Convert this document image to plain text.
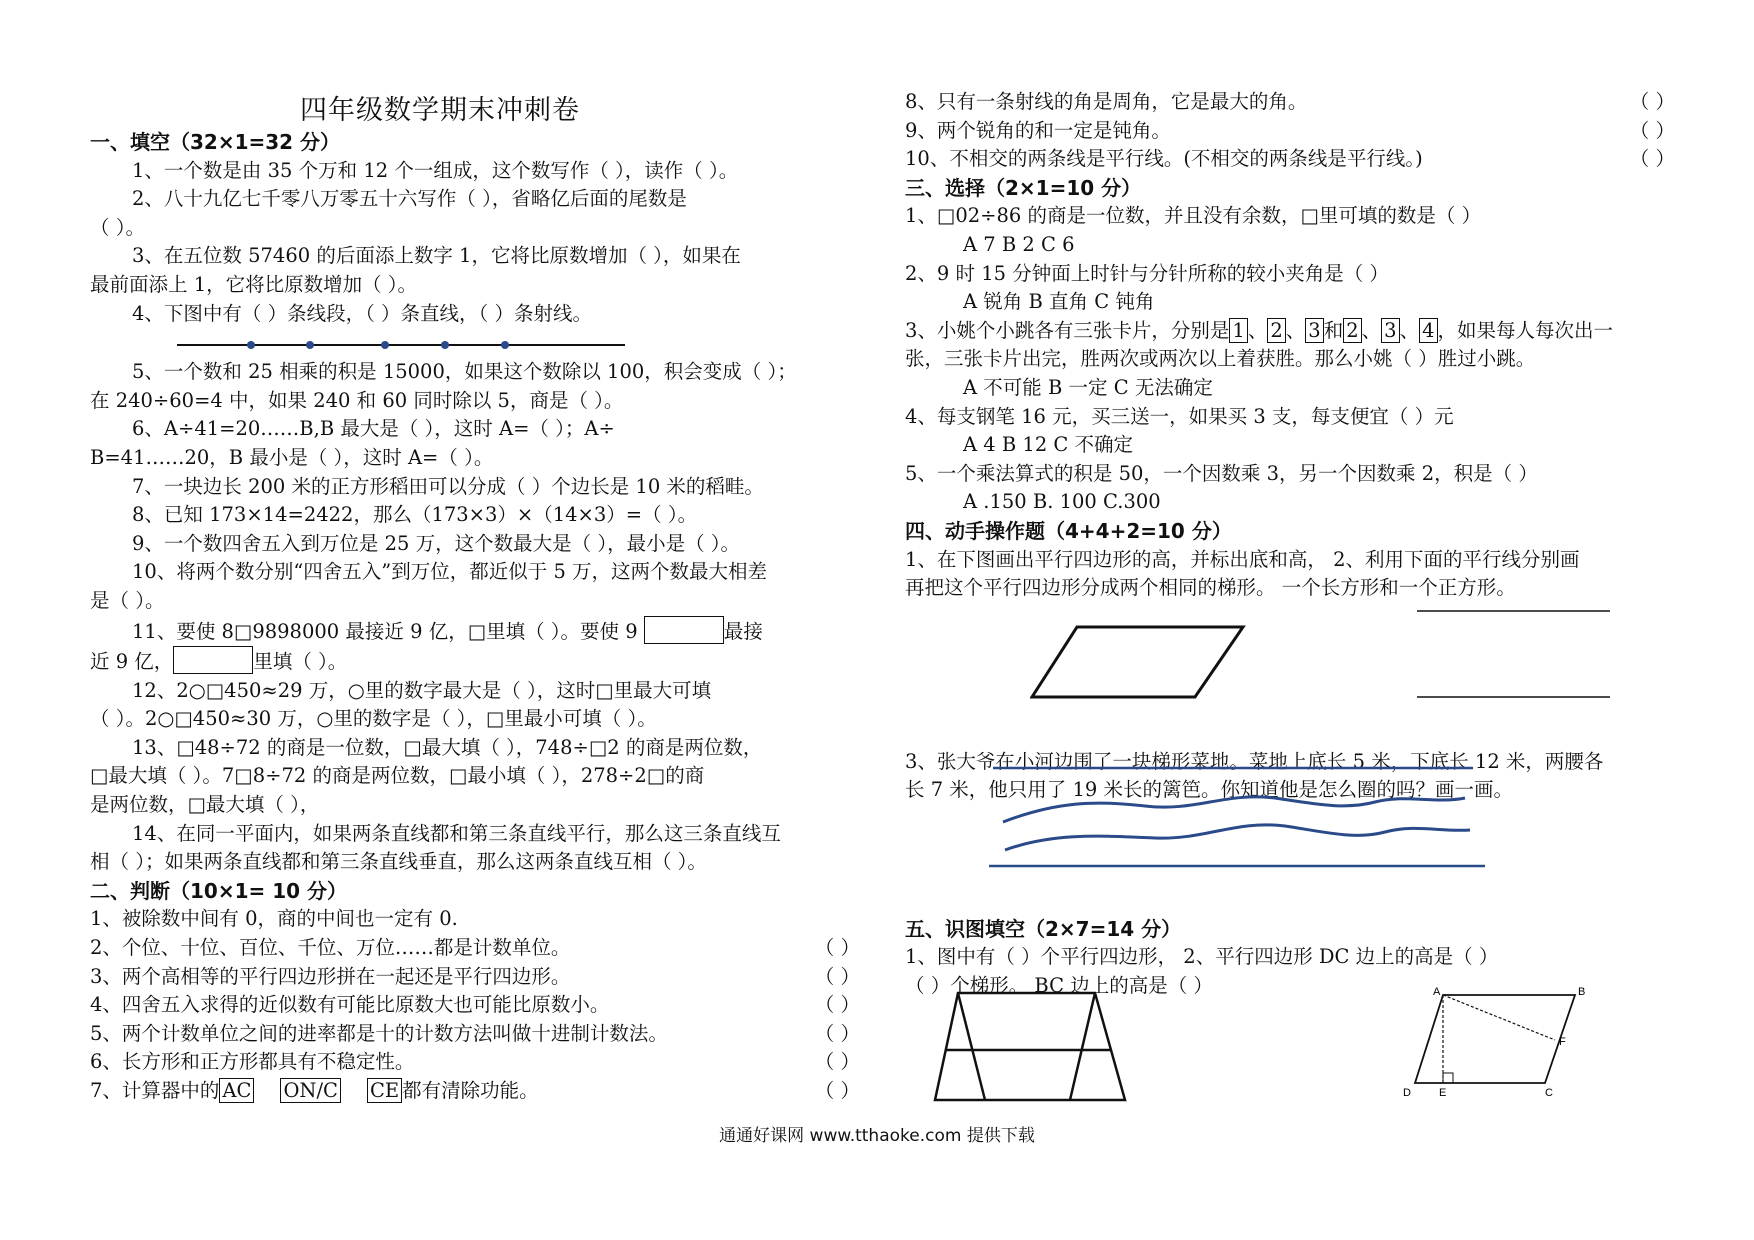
四年级数学期末冲刺卷
一、填空（32×1=32 分）
1、一个数是由 35 个万和 12 个一组成，这个数写作（ ），读作（ ）。
2、八十九亿七千零八万零五十六写作（ ），省略亿后面的尾数是
（ ）。
3、在五位数 57460 的后面添上数字 1，它将比原数增加（ ），如果在
最前面添上 1，它将比原数增加（ ）。
4、下图中有（ ）条线段，（ ）条直线，（ ）条射线。
5、一个数和 25 相乘的积是 15000，如果这个数除以 100，积会变成（ ）；
在 240÷60=4 中，如果 240 和 60 同时除以 5，商是（ ）。
6、A÷41=20……B,B 最大是（ ），这时 A=（ ）；A÷
B=41……20，B 最小是（ ），这时 A=（ ）。
7、一块边长 200 米的正方形稻田可以分成（ ）个边长是 10 米的稻畦。
8、已知 173×14=2422，那么（173×3）×（14×3）=（ ）。
9、一个数四舍五入到万位是 25 万，这个数最大是（ ），最小是（ ）。
10、将两个数分别“四舍五入”到万位，都近似于 5 万，这两个数最大相差
是（ ）。
11、要使 8□9898000 最接近 9 亿，□里填（ ）。要使 9	最接
近 9 亿，	里填（ ）。
12、2○□450≈29 万，○里的数字最大是（ ），这时□里最大可填
（ ）。2○□450≈30 万，○里的数字是（ ），□里最小可填（ ）。
13、□48÷72 的商是一位数，□最大填（ ），748÷□2 的商是两位数，
□最大填（ ）。7□8÷72 的商是两位数，□最小填（ ），278÷2□的商
是两位数，□最大填（ ），
14、在同一平面内，如果两条直线都和第三条直线平行，那么这三条直线互
相（ ）；如果两条直线都和第三条直线垂直，那么这两条直线互相（ ）。
二、判断（10×1= 10 分）
1、被除数中间有 0，商的中间也一定有 0.
2、个位、十位、百位、千位、万位……都是计数单位。	（ ）
3、两个高相等的平行四边形拼在一起还是平行四边形。	（ ）
4、四舍五入求得的近似数有可能比原数大也可能比原数小。	（ ）
5、两个计数单位之间的进率都是十的计数方法叫做十进制计数法。	（ ）
6、长方形和正方形都具有不稳定性。	（ ）
7、计算器中的 AC ON/C CE 都有清除功能。	（ ）
8、只有一条射线的角是周角，它是最大的角。	（ ）
9、两个锐角的和一定是钝角。	（ ）
10、不相交的两条线是平行线。(不相交的两条线是平行线。)	（ ）
三、选择（2×1=10 分）
1、□02÷86 的商是一位数，并且没有余数，□里可填的数是（ ）
A 7 B 2 C 6
2、9 时 15 分钟面上时针与分针所称的较小夹角是（ ）
A 锐角 B 直角 C 钝角
3、小姚个小跳各有三张卡片，分别是 1 、 2 、 3 和 2 、 3 、 4 ，如果每人每次出一
张，三张卡片出完，胜两次或两次以上着获胜。那么小姚（ ）胜过小跳。
A 不可能 B 一定 C 无法确定
4、每支钢笔 16 元，买三送一，如果买 3 支，每支便宜（ ）元
A 4 B 12 C 不确定
5、一个乘法算式的积是 50，一个因数乘 3，另一个因数乘 2，积是（ ）
A .150 B. 100 C.300
四、动手操作题（4+4+2=10 分）
1、在下图画出平行四边形的高，并标出底和高， 2、利用下面的平行线分别画
再把这个平行四边形分成两个相同的梯形。 一个长方形和一个正方形。
3、张大爷在小河边围了一块梯形菜地。菜地上底长 5 米，下底长 12 米，两腰各
长 7 米，他只用了 19 米长的篱笆。你知道他是怎么圈的吗？画一画。
五、识图填空（2×7=14 分）
1、图中有（ ）个平行四边形， 2、平行四边形 DC 边上的高是（ ）
（ ）个梯形。 BC 边上的高是（ ）	A	B
C
D	E
F
通通好课网 www.tthaoke.com 提供下载
